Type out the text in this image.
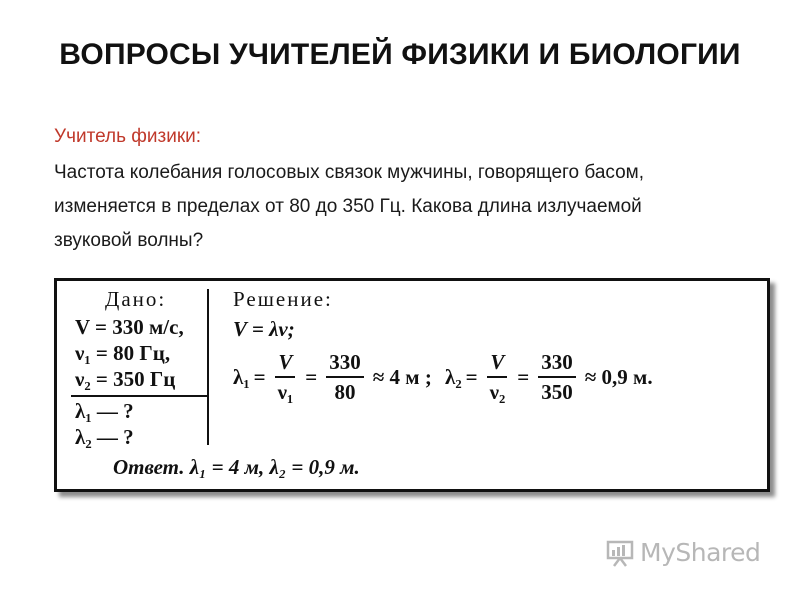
ВОПРОСЫ УЧИТЕЛЕЙ ФИЗИКИ И БИОЛОГИИ
Учитель физики:
Частота колебания голосовых связок мужчины, говорящего басом,
изменяется в пределах от 80 до 350 Гц. Какова длина излучаемой
звуковой волны?
Дано:
V = 330 м/с,
ν₁ = 80 Гц,
ν₂ = 350 Гц
λ₁ — ?
λ₂ — ?
Решение:
V = λν;
$\lambda_1 = \frac{V}{\text{ν₁}} = \frac{330}{80} \approx 4$ м ; $\lambda_2 = \frac{V}{\text{ν₂}} = \frac{330}{350} \approx 0,9$ м.
Ответ. λ₁ = 4 м, λ₂ = 0,9 м.
MyShared
